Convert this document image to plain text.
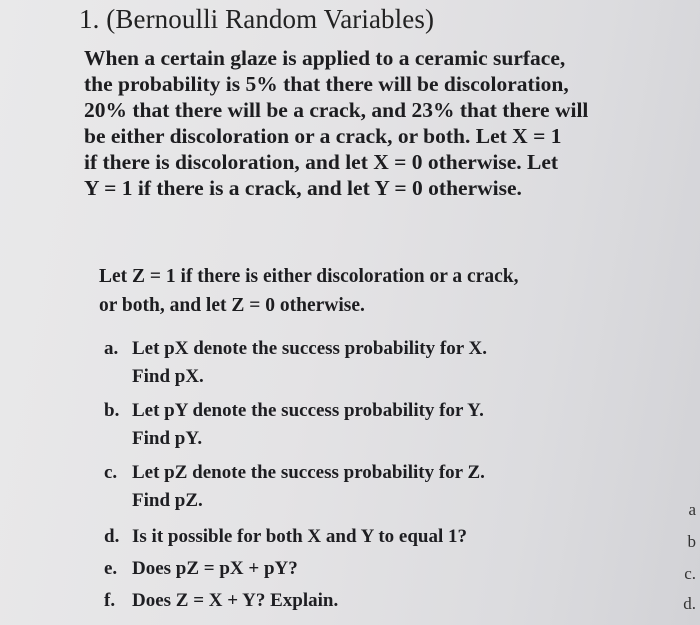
1. (Bernoulli Random Variables)
When a certain glaze is applied to a ceramic surface,
the probability is 5% that there will be discoloration,
20% that there will be a crack, and 23% that there will
be either discoloration or a crack, or both. Let X = 1
if there is discoloration, and let X = 0 otherwise. Let
Y = 1 if there is a crack, and let Y = 0 otherwise.
Let Z = 1 if there is either discoloration or a crack,
or both, and let Z = 0 otherwise.
a. Let pX denote the success probability for X.
Find pX.
b. Let pY denote the success probability for Y.
Find pY.
c. Let pZ denote the success probability for Z.
Find pZ.
d. Is it possible for both X and Y to equal 1?
e. Does pZ = pX + pY?
f. Does Z = X + Y? Explain.
a
b
c.
d.
